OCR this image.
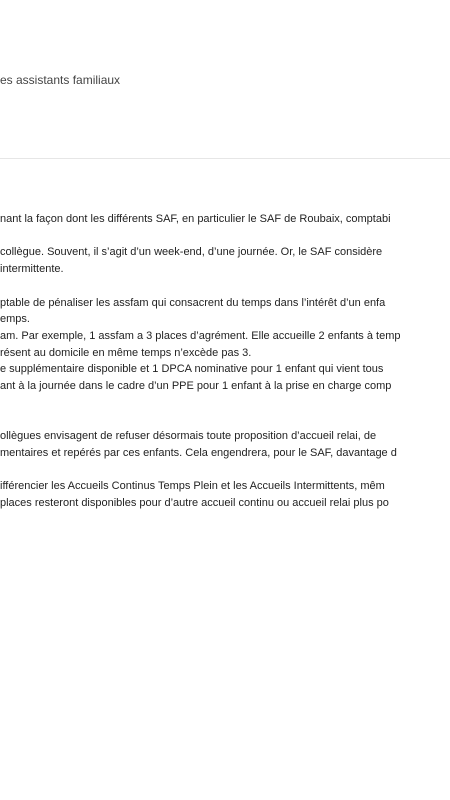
es assistants familiaux
nant la façon dont les différents SAF, en particulier le SAF de Roubaix, comptabi
collègue. Souvent, il s’agit d’un week-end, d’une journée. Or, le SAF considère
intermittente.
ptable de pénaliser les assfam qui consacrent du temps dans l’intérêt d’un enfa
emps.
am. Par exemple, 1 assfam a 3 places d’agrément. Elle accueille 2 enfants à temp
résent au domicile en même temps n’excède pas 3.
e supplémentaire disponible et 1 DPCA nominative pour 1 enfant qui vient tous
ant à la journée dans le cadre d’un PPE pour 1 enfant à la prise en charge comp
ollègues envisagent de refuser désormais toute proposition d’accueil relai, de
mentaires et repérés par ces enfants. Cela engendrera, pour le SAF, davantage d
ifférencier les Accueils Continus Temps Plein et les Accueils Intermittents, mêm
places resteront disponibles pour d’autre accueil continu ou accueil relai plus po
